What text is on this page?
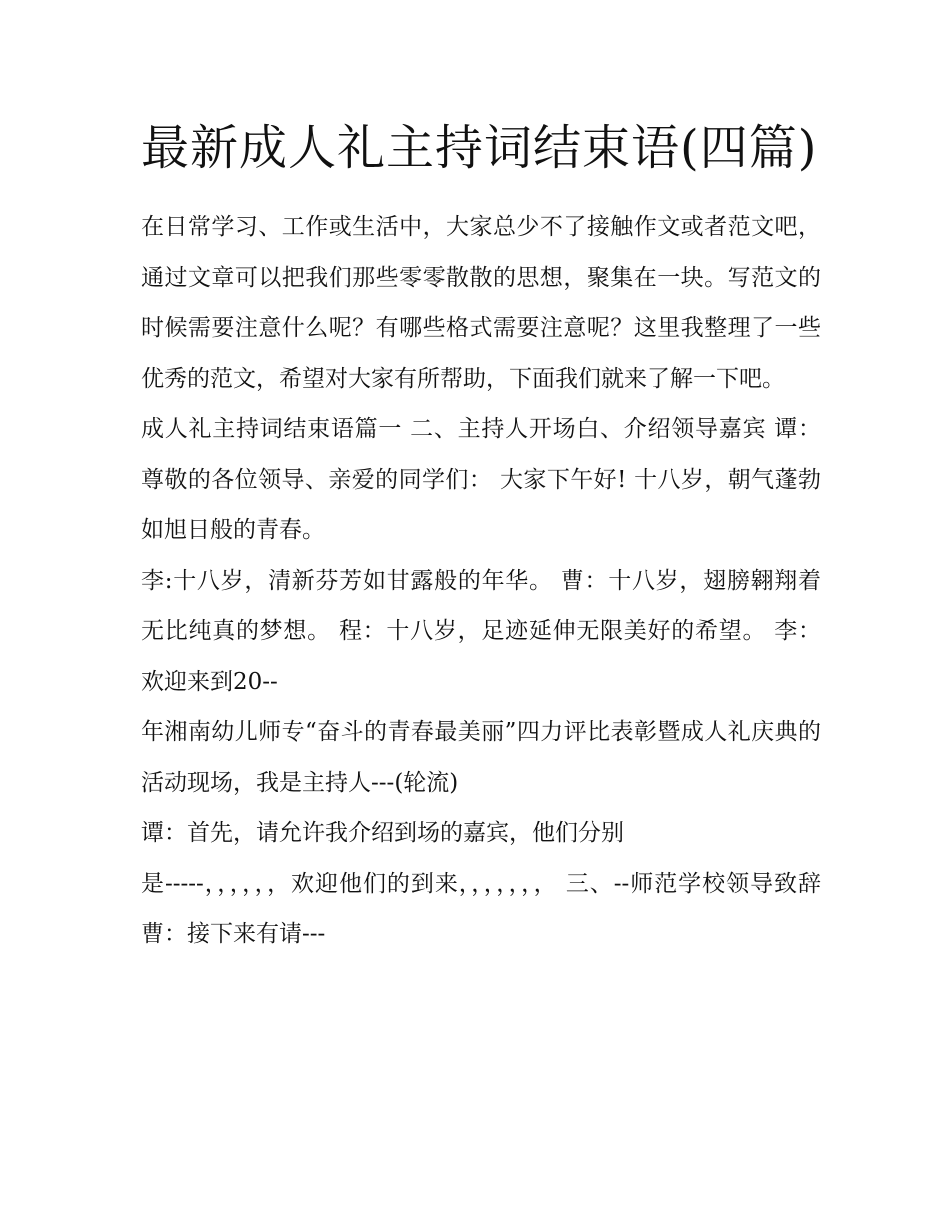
最新成人礼主持词结束语(四篇)

在日常学习、工作或生活中，大家总少不了接触作文或者范文吧，通过文章可以把我们那些零零散散的思想，聚集在一块。写范文的时候需要注意什么呢？有哪些格式需要注意呢？这里我整理了一些优秀的范文，希望对大家有所帮助，下面我们就来了解一下吧。

成人礼主持词结束语篇一 二、主持人开场白、介绍领导嘉宾 谭：尊敬的各位领导、亲爱的同学们： 大家下午好! 十八岁，朝气蓬勃如旭日般的青春。

李:十八岁，清新芬芳如甘露般的年华。 曹：十八岁，翅膀翱翔着无比纯真的梦想。 程：十八岁，足迹延伸无限美好的希望。 李：欢迎来到20--

年湘南幼儿师专“奋斗的青春最美丽”四力评比表彰暨成人礼庆典的活动现场，我是主持人---(轮流)

谭：首先，请允许我介绍到场的嘉宾，他们分别

是-----，，，，，，欢迎他们的到来，，，，，，， 三、--师范学校领导致辞 曹：接下来有请---
